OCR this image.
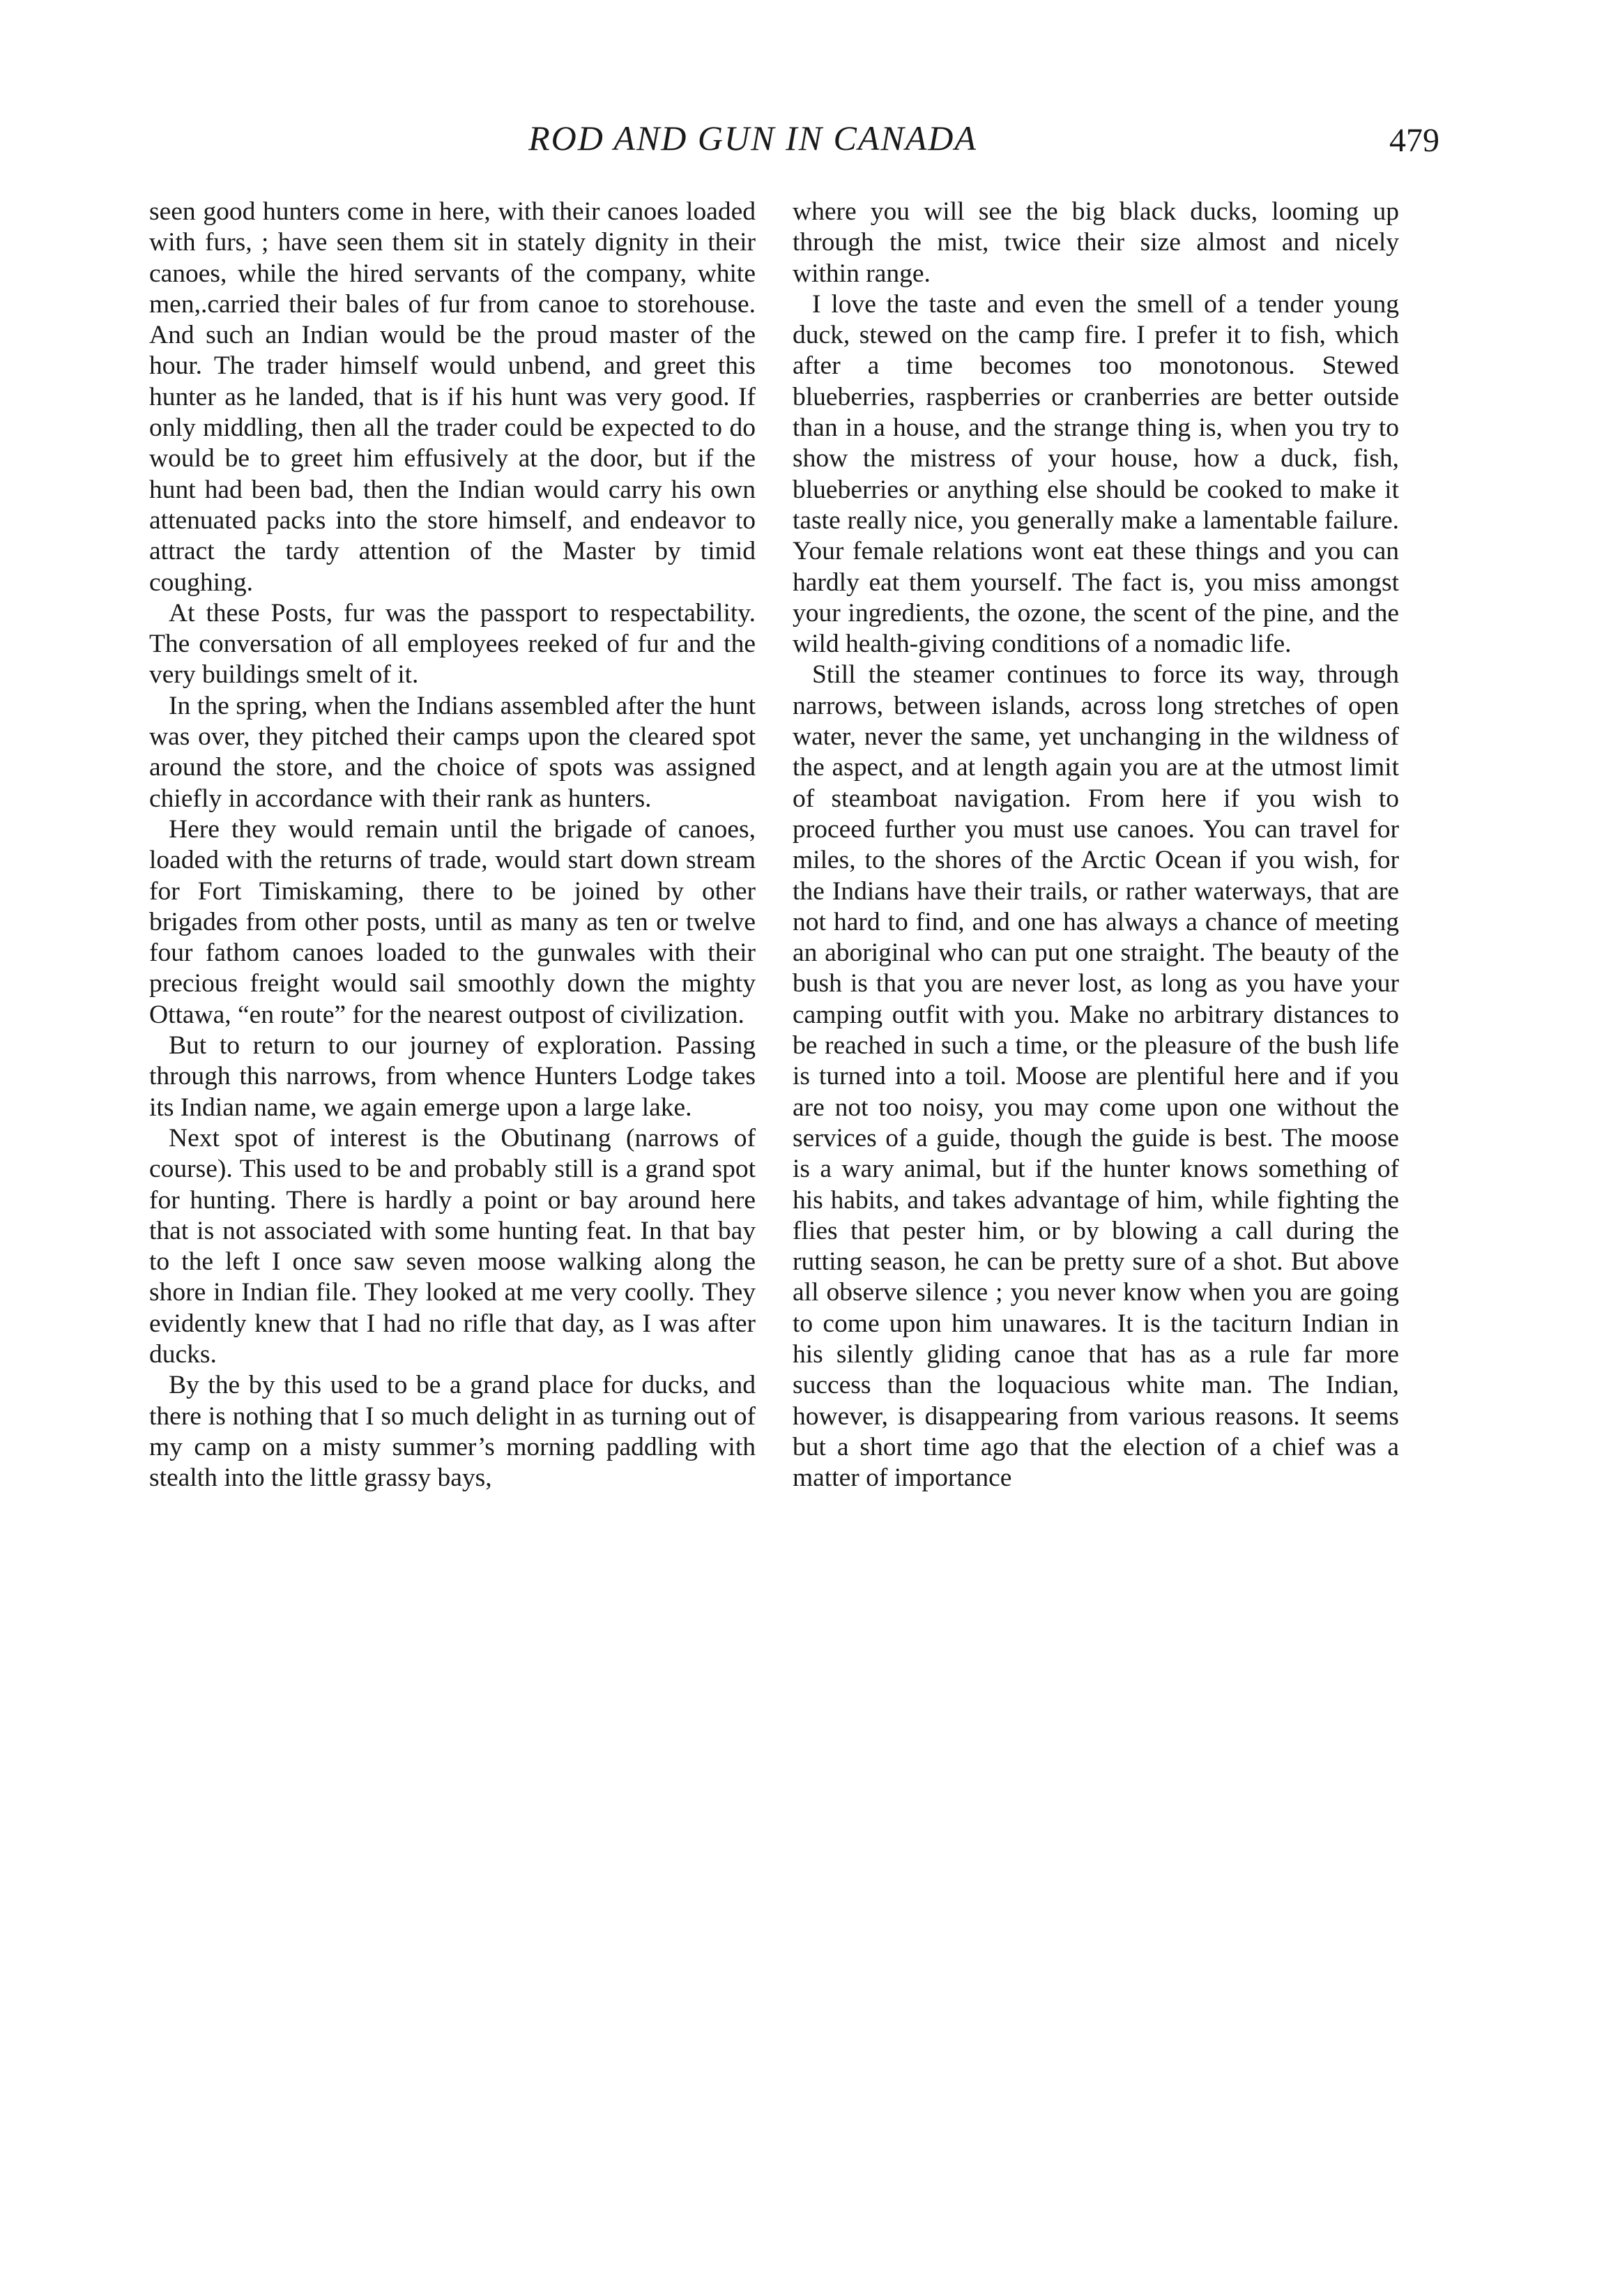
ROD AND GUN IN CANADA	479

seen good hunters come in here, with their canoes loaded with furs, ; have seen them sit in stately dignity in their canoes, while the hired servants of the company, white men,.carried their bales of fur from canoe to storehouse. And such an Indian would be the proud master of the hour. The trader himself would unbend, and greet this hunter as he landed, that is if his hunt was very good. If only middling, then all the trader could be expected to do would be to greet him effusively at the door, but if the hunt had been bad, then the Indian would carry his own attenuated packs into the store himself, and endeavor to attract the tardy attention of the Master by timid coughing.

At these Posts, fur was the passport to respectability. The conversation of all employees reeked of fur and the very buildings smelt of it.

In the spring, when the Indians assembled after the hunt was over, they pitched their camps upon the cleared spot around the store, and the choice of spots was assigned chiefly in accordance with their rank as hunters.

Here they would remain until the brigade of canoes, loaded with the returns of trade, would start down stream for Fort Timiskaming, there to be joined by other brigades from other posts, until as many as ten or twelve four fathom canoes loaded to the gunwales with their precious freight would sail smoothly down the mighty Ottawa, “en route” for the nearest outpost of civilization.

But to return to our journey of exploration. Passing through this narrows, from whence Hunters Lodge takes its Indian name, we again emerge upon a large lake.

Next spot of interest is the Obutinang (narrows of course). This used to be and probably still is a grand spot for hunting. There is hardly a point or bay around here that is not associated with some hunting feat. In that bay to the left I once saw seven moose walking along the shore in Indian file. They looked at me very coolly. They evidently knew that I had no rifle that day, as I was after ducks.

By the by this used to be a grand place for ducks, and there is nothing that I so much delight in as turning out of my camp on a misty summer’s morning paddling with stealth into the little grassy bays,

where you will see the big black ducks, looming up through the mist, twice their size almost and nicely within range.

I love the taste and even the smell of a tender young duck, stewed on the camp fire. I prefer it to fish, which after a time becomes too monotonous. Stewed blueberries, raspberries or cranberries are better outside than in a house, and the strange thing is, when you try to show the mistress of your house, how a duck, fish, blueberries or anything else should be cooked to make it taste really nice, you generally make a lamentable failure. Your female relations wont eat these things and you can hardly eat them yourself. The fact is, you miss amongst your ingredients, the ozone, the scent of the pine, and the wild health-giving conditions of a nomadic life.

Still the steamer continues to force its way, through narrows, between islands, across long stretches of open water, never the same, yet unchanging in the wildness of the aspect, and at length again you are at the utmost limit of steamboat navigation. From here if you wish to proceed further you must use canoes. You can travel for miles, to the shores of the Arctic Ocean if you wish, for the Indians have their trails, or rather waterways, that are not hard to find, and one has always a chance of meeting an aboriginal who can put one straight. The beauty of the bush is that you are never lost, as long as you have your camping outfit with you. Make no arbitrary distances to be reached in such a time, or the pleasure of the bush life is turned into a toil. Moose are plentiful here and if you are not too noisy, you may come upon one without the services of a guide, though the guide is best. The moose is a wary animal, but if the hunter knows something of his habits, and takes advantage of him, while fighting the flies that pester him, or by blowing a call during the rutting season, he can be pretty sure of a shot. But above all observe silence ; you never know when you are going to come upon him unawares. It is the taciturn Indian in his silently gliding canoe that has as a rule far more success than the loquacious white man. The Indian, however, is disappearing from various reasons. It seems but a short time ago that the election of a chief was a matter of importance
